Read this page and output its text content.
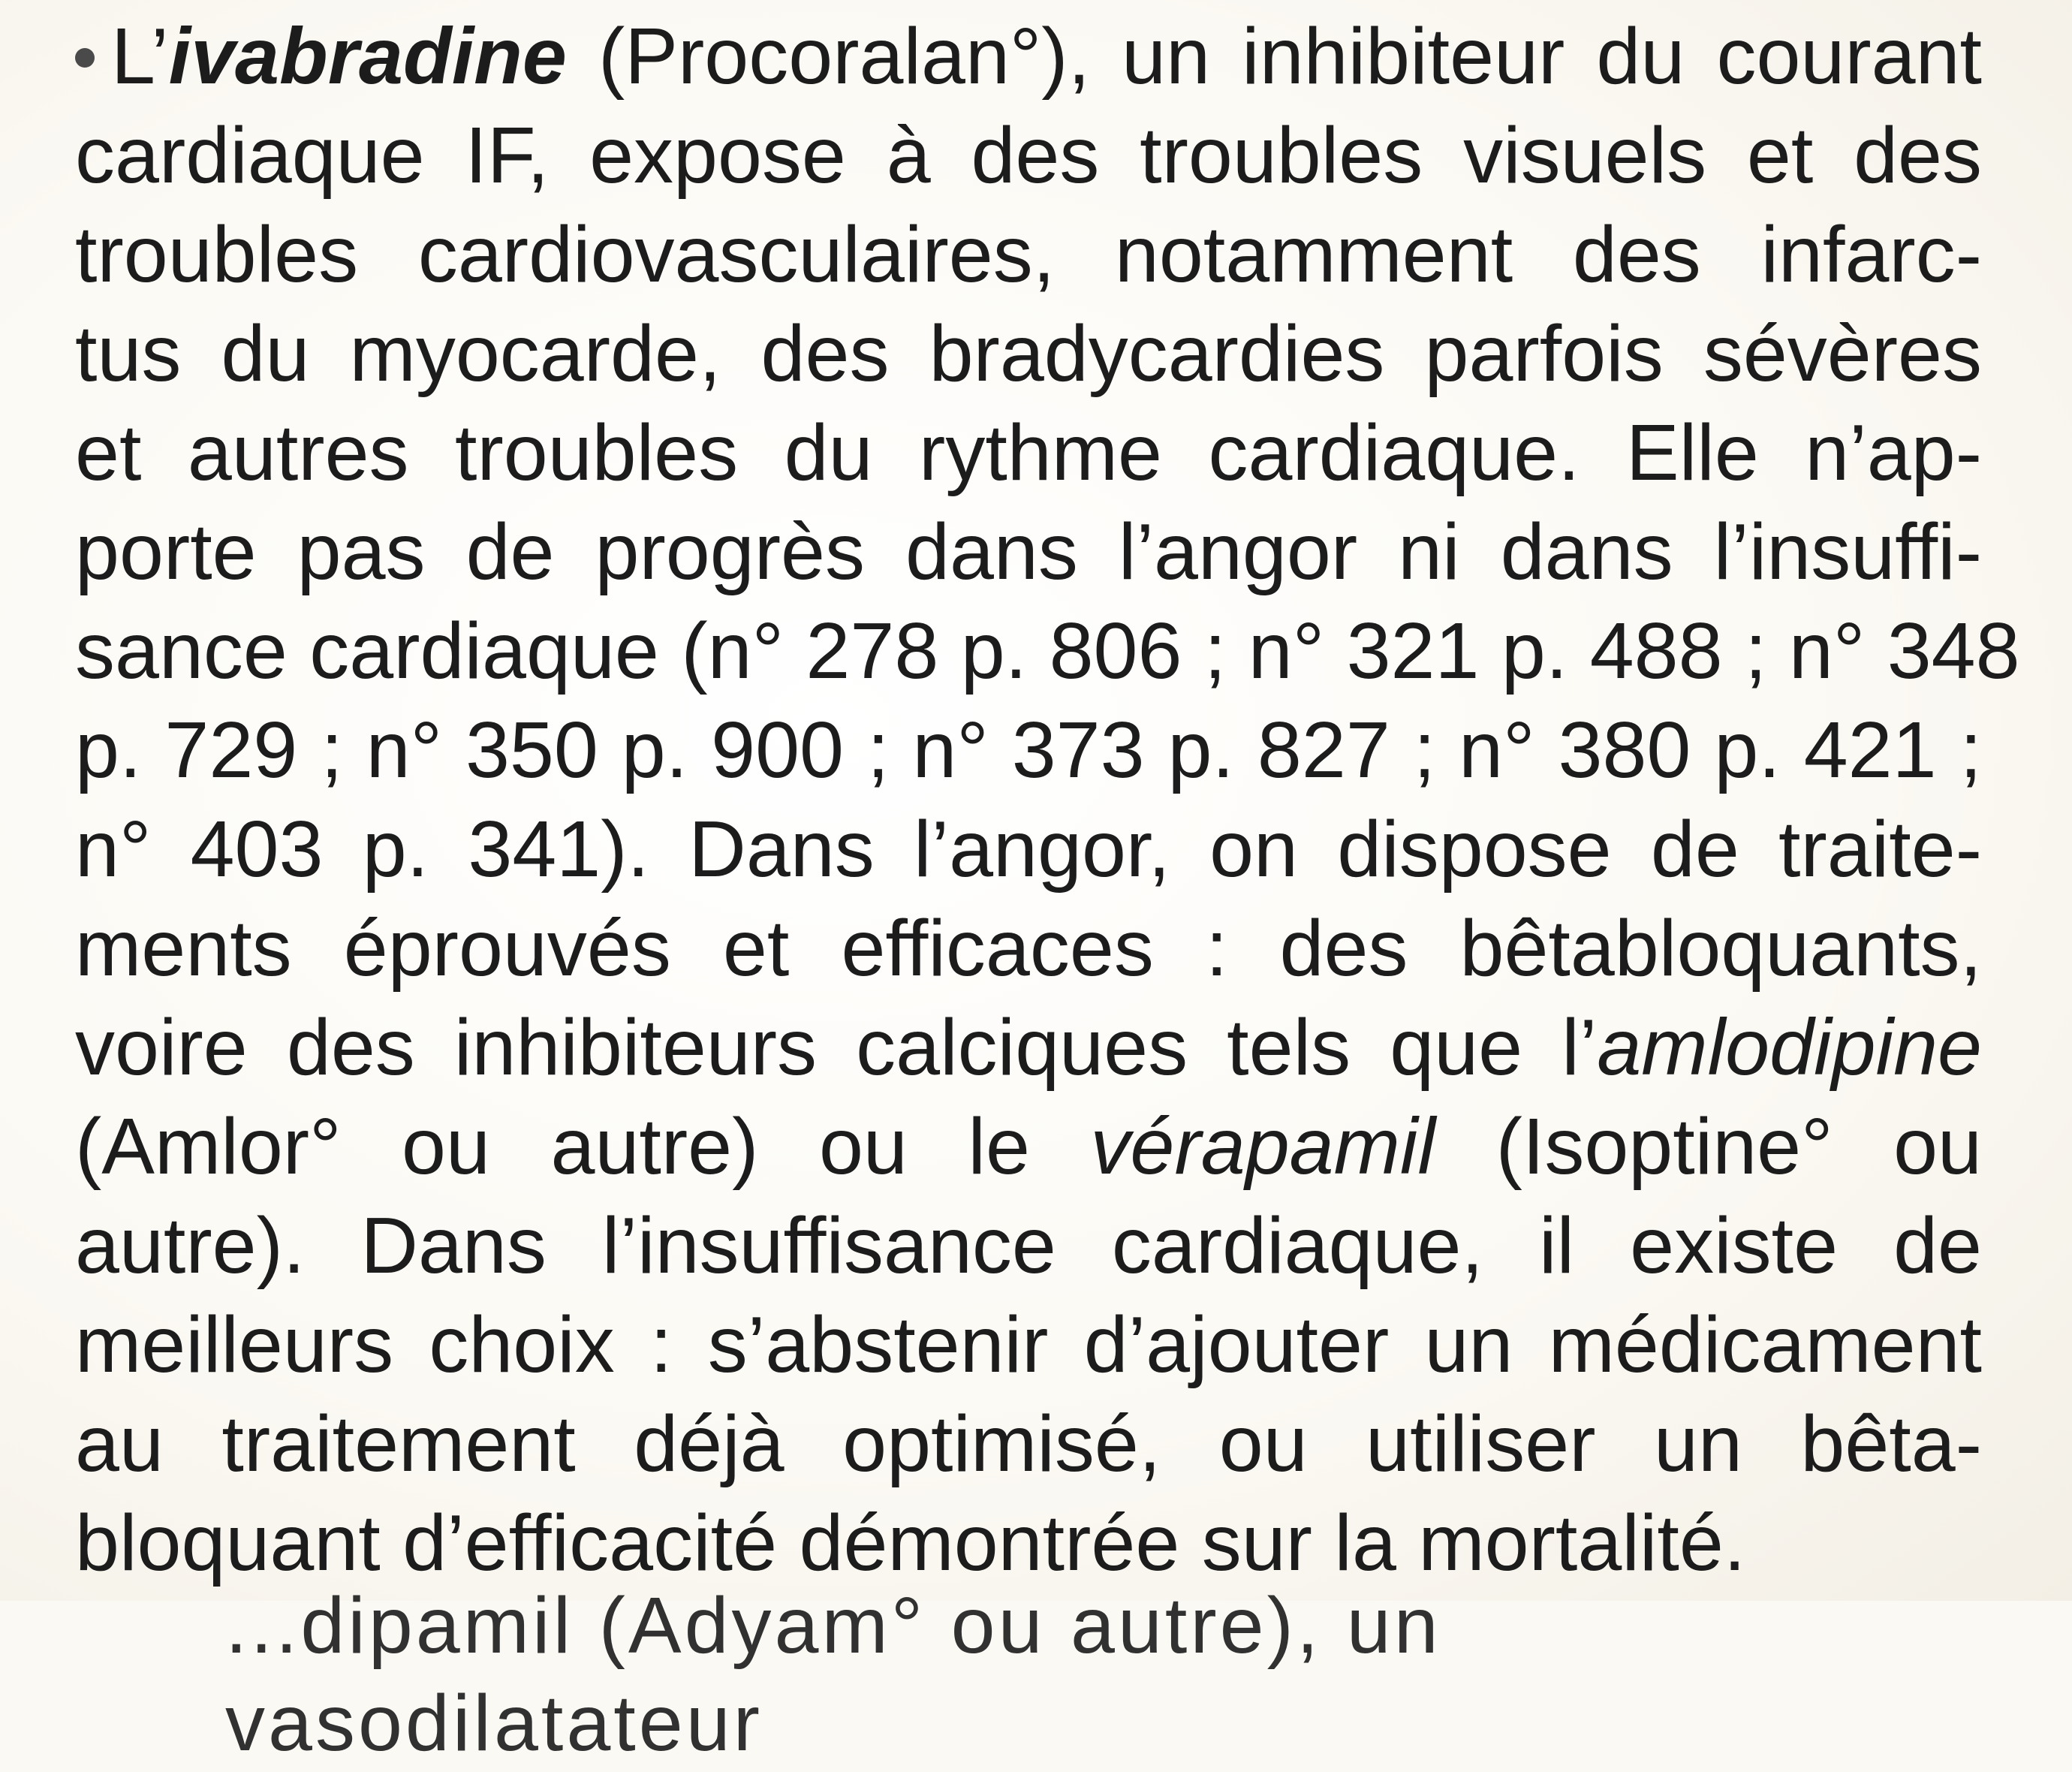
L’ivabradine (Procoralan°), un inhibiteur du courant
cardiaque IF, expose à des troubles visuels et des
troubles cardiovasculaires, notamment des infarc-
tus du myocarde, des bradycardies parfois sévères
et autres troubles du rythme cardiaque. Elle n’ap-
porte pas de progrès dans l’angor ni dans l’insuffi-
sance cardiaque (n° 278 p. 806 ; n° 321 p. 488 ; n° 348
p. 729 ; n° 350 p. 900 ; n° 373 p. 827 ; n° 380 p. 421 ;
n° 403 p. 341). Dans l’angor, on dispose de traite-
ments éprouvés et efficaces : des bêtabloquants,
voire des inhibiteurs calciques tels que l’amlodipine
(Amlor° ou autre) ou le vérapamil (Isoptine° ou
autre). Dans l’insuffisance cardiaque, il existe de
meilleurs choix : s’abstenir d’ajouter un médicament
au traitement déjà optimisé, ou utiliser un bêta-
bloquant d’efficacité démontrée sur la mortalité.
...dipamil (Adyam° ou autre), un vasodilatateur
